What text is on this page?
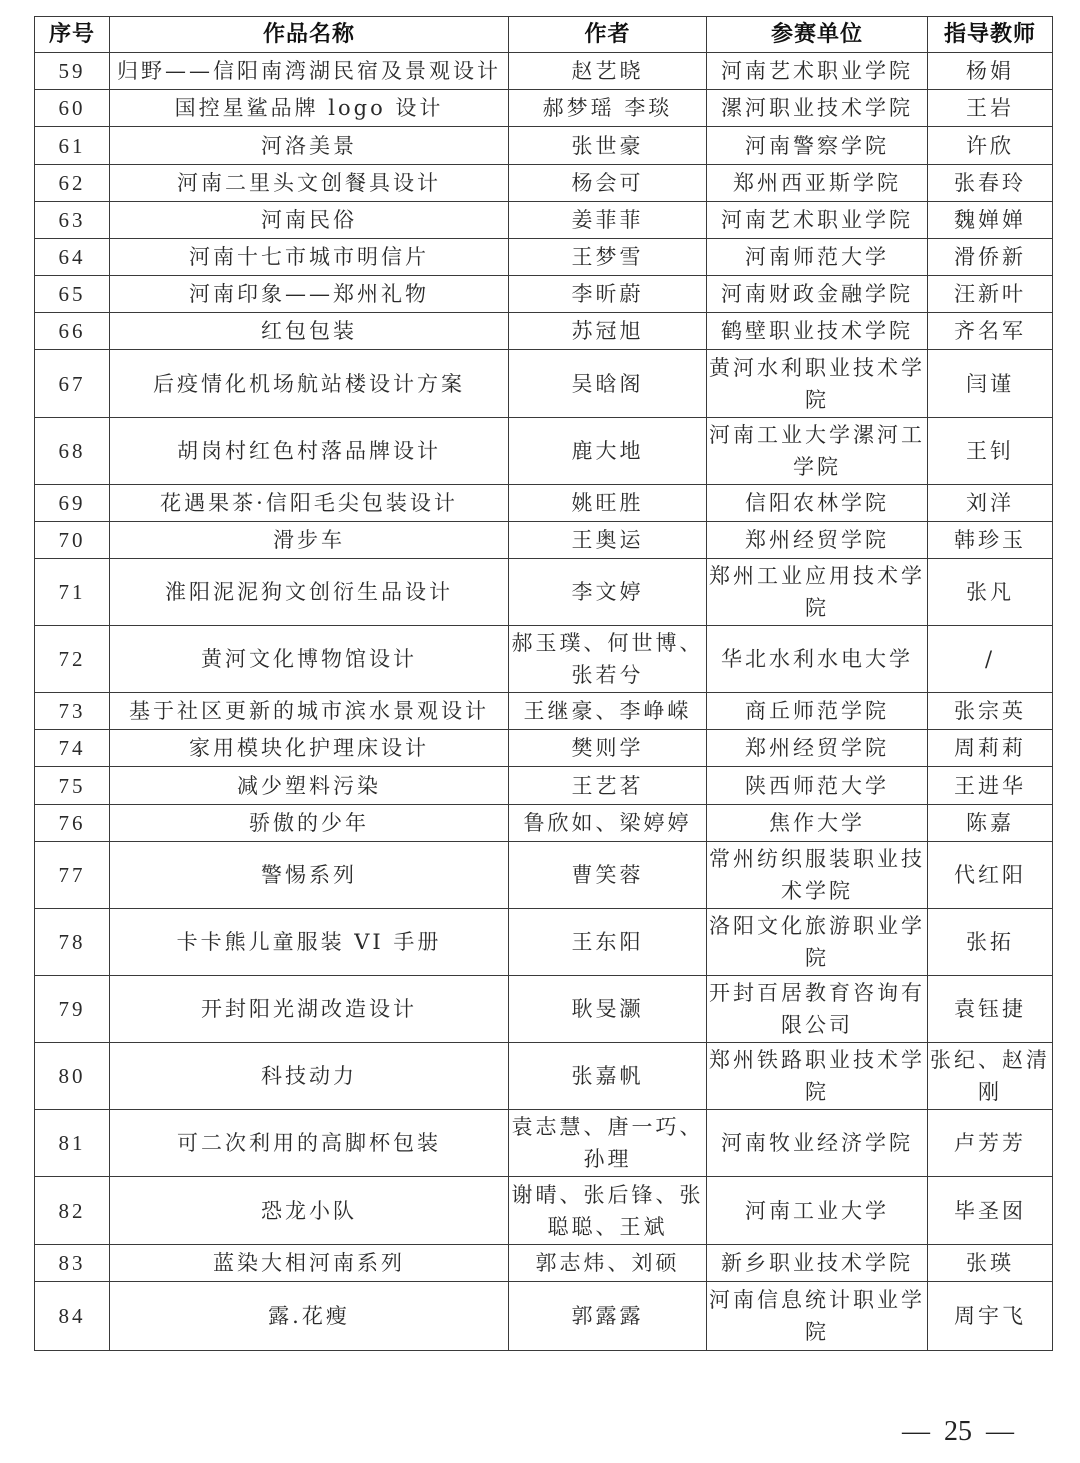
序号	作品名称	作者	参赛单位	指导教师
59	归野——信阳南湾湖民宿及景观设计	赵艺晓	河南艺术职业学院	杨娟
60	国控星鲨品牌 logo 设计	郝梦瑶 李琰	漯河职业技术学院	王岩
61	河洛美景	张世豪	河南警察学院	许欣
62	河南二里头文创餐具设计	杨会可	郑州西亚斯学院	张春玲
63	河南民俗	姜菲菲	河南艺术职业学院	魏婵婵
64	河南十七市城市明信片	王梦雪	河南师范大学	滑侨新
65	河南印象——郑州礼物	李昕蔚	河南财政金融学院	汪新叶
66	红包包装	苏冠旭	鹤壁职业技术学院	齐名军
67	后疫情化机场航站楼设计方案	吴晗阁	黄河水利职业技术学院	闫谨
68	胡岗村红色村落品牌设计	鹿大地	河南工业大学漯河工学院	王钊
69	花遇果茶·信阳毛尖包装设计	姚旺胜	信阳农林学院	刘洋
70	滑步车	王奥运	郑州经贸学院	韩珍玉
71	淮阳泥泥狗文创衍生品设计	李文婷	郑州工业应用技术学院	张凡
72	黄河文化博物馆设计	郝玉璞、何世博、张若兮	华北水利水电大学	/
73	基于社区更新的城市滨水景观设计	王继豪、李峥嵘	商丘师范学院	张宗英
74	家用模块化护理床设计	樊则学	郑州经贸学院	周莉莉
75	减少塑料污染	王艺茗	陕西师范大学	王进华
76	骄傲的少年	鲁欣如、梁婷婷	焦作大学	陈嘉
77	警惕系列	曹笑蓉	常州纺织服装职业技术学院	代红阳
78	卡卡熊儿童服装 VI 手册	王东阳	洛阳文化旅游职业学院	张拓
79	开封阳光湖改造设计	耿旻灏	开封百居教育咨询有限公司	袁钰捷
80	科技动力	张嘉帆	郑州铁路职业技术学院	张纪、赵清刚
81	可二次利用的高脚杯包装	袁志慧、唐一巧、孙理	河南牧业经济学院	卢芳芳
82	恐龙小队	谢晴、张后锋、张聪聪、王斌	河南工业大学	毕圣囡
83	蓝染大相河南系列	郭志炜、刘硕	新乡职业技术学院	张瑛
84	露.花瘦	郭露露	河南信息统计职业学院	周宇飞
—  25  —
